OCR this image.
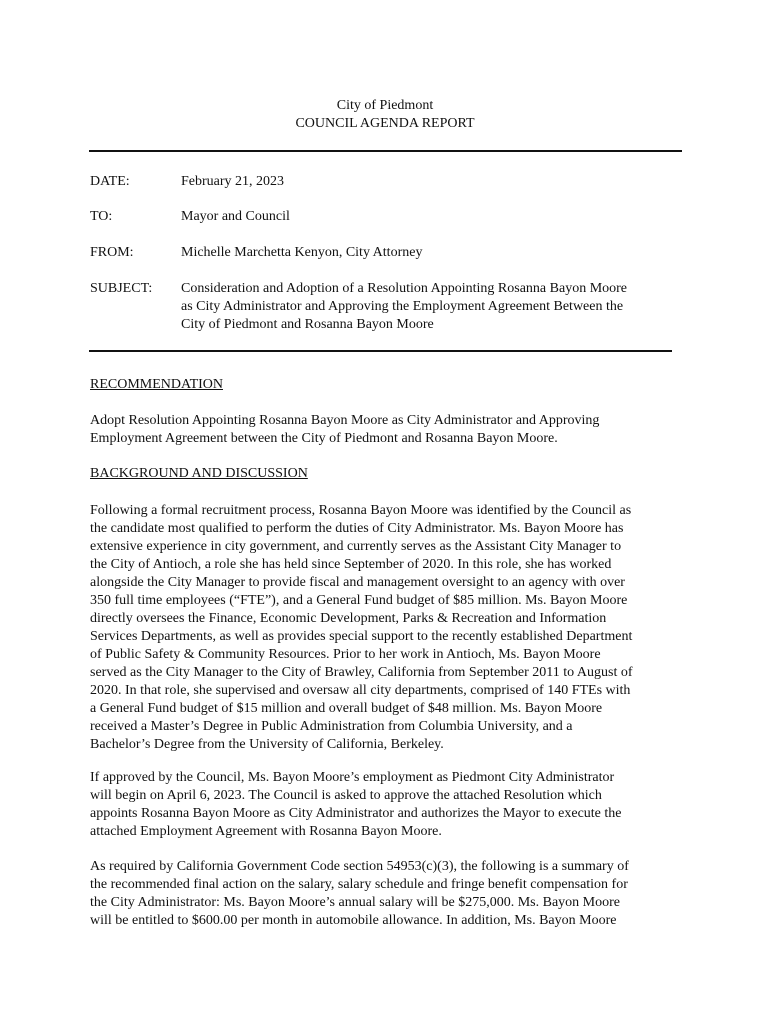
City of Piedmont
COUNCIL AGENDA REPORT
DATE:	February 21, 2023
TO:	Mayor and Council
FROM:	Michelle Marchetta Kenyon, City Attorney
SUBJECT:	Consideration and Adoption of a Resolution Appointing Rosanna Bayon Moore
as City Administrator and Approving the Employment Agreement Between the
City of Piedmont and Rosanna Bayon Moore
RECOMMENDATION
Adopt Resolution Appointing Rosanna Bayon Moore as City Administrator and Approving
Employment Agreement between the City of Piedmont and Rosanna Bayon Moore.
BACKGROUND AND DISCUSSION
Following a formal recruitment process, Rosanna Bayon Moore was identified by the Council as
the candidate most qualified to perform the duties of City Administrator. Ms. Bayon Moore has
extensive experience in city government, and currently serves as the Assistant City Manager to
the City of Antioch, a role she has held since September of 2020. In this role, she has worked
alongside the City Manager to provide fiscal and management oversight to an agency with over
350 full time employees (“FTE”), and a General Fund budget of $85 million. Ms. Bayon Moore
directly oversees the Finance, Economic Development, Parks & Recreation and Information
Services Departments, as well as provides special support to the recently established Department
of Public Safety & Community Resources. Prior to her work in Antioch, Ms. Bayon Moore
served as the City Manager to the City of Brawley, California from September 2011 to August of
2020. In that role, she supervised and oversaw all city departments, comprised of 140 FTEs with
a General Fund budget of $15 million and overall budget of $48 million. Ms. Bayon Moore
received a Master’s Degree in Public Administration from Columbia University, and a
Bachelor’s Degree from the University of California, Berkeley.
If approved by the Council, Ms. Bayon Moore’s employment as Piedmont City Administrator
will begin on April 6, 2023. The Council is asked to approve the attached Resolution which
appoints Rosanna Bayon Moore as City Administrator and authorizes the Mayor to execute the
attached Employment Agreement with Rosanna Bayon Moore.
As required by California Government Code section 54953(c)(3), the following is a summary of
the recommended final action on the salary, salary schedule and fringe benefit compensation for
the City Administrator: Ms. Bayon Moore’s annual salary will be $275,000. Ms. Bayon Moore
will be entitled to $600.00 per month in automobile allowance. In addition, Ms. Bayon Moore
